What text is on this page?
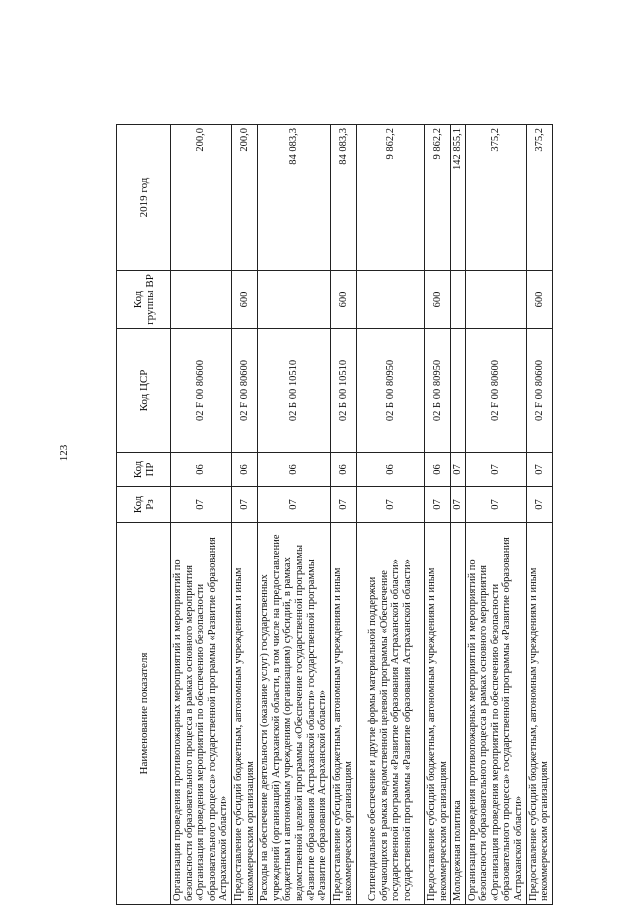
123
Наименование показателя	Код Рз	Код ПР	Код ЦСР	Код группы ВР	2019 год
Организация проведения противопожарных мероприятий и мероприятий по безопасности образовательного процесса в рамках основного мероприятия «Организация проведения мероприятий по обеспечению безопасности образовательного процесса» государственной программы «Развитие образования Астраханской области»	07	06	02 F 00 80600		200,0
Предоставление субсидий бюджетным, автономным учреждениям и иным некоммерческим организациям	07	06	02 F 00 80600	600	200,0
Расходы на обеспечение деятельности (оказание услуг) государственных учреждений (организаций) Астраханской области, в том числе на предоставление бюджетным и автономным учреждениям (организациям) субсидий, в рамках ведомственной целевой программы «Обеспечение государственной программы «Развитие образования Астраханской области» государственной программы «Развитие образования Астраханской области»	07	06	02 Б 00 10510		84 083,3
Предоставление субсидий бюджетным, автономным учреждениям и иным некоммерческим организациям	07	06	02 Б 00 10510	600	84 083,3
Стипендиальное обеспечение и другие формы материальной поддержки обучающихся в рамках ведомственной целевой программы «Обеспечение государственной программы «Развитие образования Астраханской области» государственной программы «Развитие образования Астраханской области»	07	06	02 Б 00 80950		9 862,2
Предоставление субсидий бюджетным, автономным учреждениям и иным некоммерческим организациям	07	06	02 Б 00 80950	600	9 862,2
Молодежная политика	07	07			142 855,1
Организация проведения противопожарных мероприятий и мероприятий по безопасности образовательного процесса в рамках основного мероприятия «Организация проведения мероприятий по обеспечению безопасности образовательного процесса» государственной программы «Развитие образования Астраханской области»	07	07	02 F 00 80600		375,2
Предоставление субсидий бюджетным, автономным учреждениям и иным некоммерческим организациям	07	07	02 F 00 80600	600	375,2
